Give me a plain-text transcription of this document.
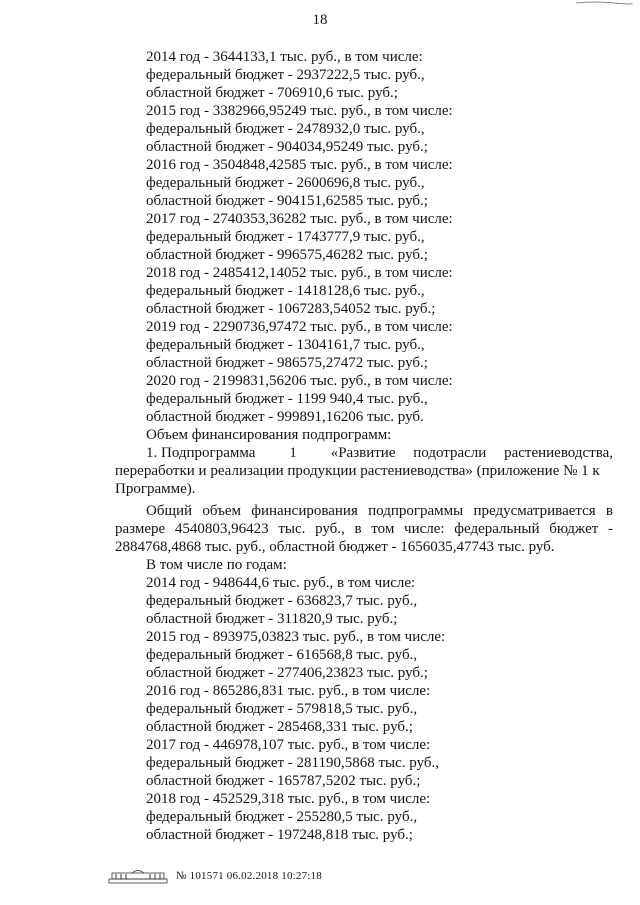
18
2014 год - 3644133,1 тыс. руб., в том числе:
федеральный бюджет - 2937222,5 тыс. руб.,
областной бюджет - 706910,6 тыс. руб.;
2015 год - 3382966,95249 тыс. руб., в том числе:
федеральный бюджет - 2478932,0 тыс. руб.,
областной бюджет - 904034,95249 тыс. руб.;
2016 год - 3504848,42585 тыс. руб., в том числе:
федеральный бюджет - 2600696,8 тыс. руб.,
областной бюджет - 904151,62585 тыс. руб.;
2017 год - 2740353,36282 тыс. руб., в том числе:
федеральный бюджет - 1743777,9 тыс. руб.,
областной бюджет - 996575,46282 тыс. руб.;
2018 год - 2485412,14052 тыс. руб., в том числе:
федеральный бюджет - 1418128,6 тыс. руб.,
областной бюджет - 1067283,54052 тыс. руб.;
2019 год - 2290736,97472 тыс. руб., в том числе:
федеральный бюджет - 1304161,7 тыс. руб.,
областной бюджет - 986575,27472 тыс. руб.;
2020 год - 2199831,56206 тыс. руб., в том числе:
федеральный бюджет - 1199 940,4 тыс. руб.,
областной бюджет - 999891,16206 тыс. руб.
Объем финансирования подпрограмм:
1. Подпрограмма 1 «Развитие подотрасли растениеводства,
переработки и реализации продукции растениеводства» (приложение № 1 к
Программе).
Общий объем финансирования подпрограммы предусматривается в размере 4540803,96423 тыс. руб., в том числе: федеральный бюджет - 2884768,4868 тыс. руб., областной бюджет - 1656035,47743 тыс. руб.
В том числе по годам:
2014 год - 948644,6 тыс. руб., в том числе:
федеральный бюджет - 636823,7 тыс. руб.,
областной бюджет - 311820,9 тыс. руб.;
2015 год - 893975,03823 тыс. руб., в том числе:
федеральный бюджет - 616568,8 тыс. руб.,
областной бюджет - 277406,23823 тыс. руб.;
2016 год - 865286,831 тыс. руб., в том числе:
федеральный бюджет - 579818,5 тыс. руб.,
областной бюджет - 285468,331 тыс. руб.;
2017 год - 446978,107 тыс. руб., в том числе:
федеральный бюджет - 281190,5868 тыс. руб.,
областной бюджет - 165787,5202 тыс. руб.;
2018 год - 452529,318 тыс. руб., в том числе:
федеральный бюджет - 255280,5 тыс. руб.,
областной бюджет - 197248,818 тыс. руб.;
№ 101571 06.02.2018 10:27:18
